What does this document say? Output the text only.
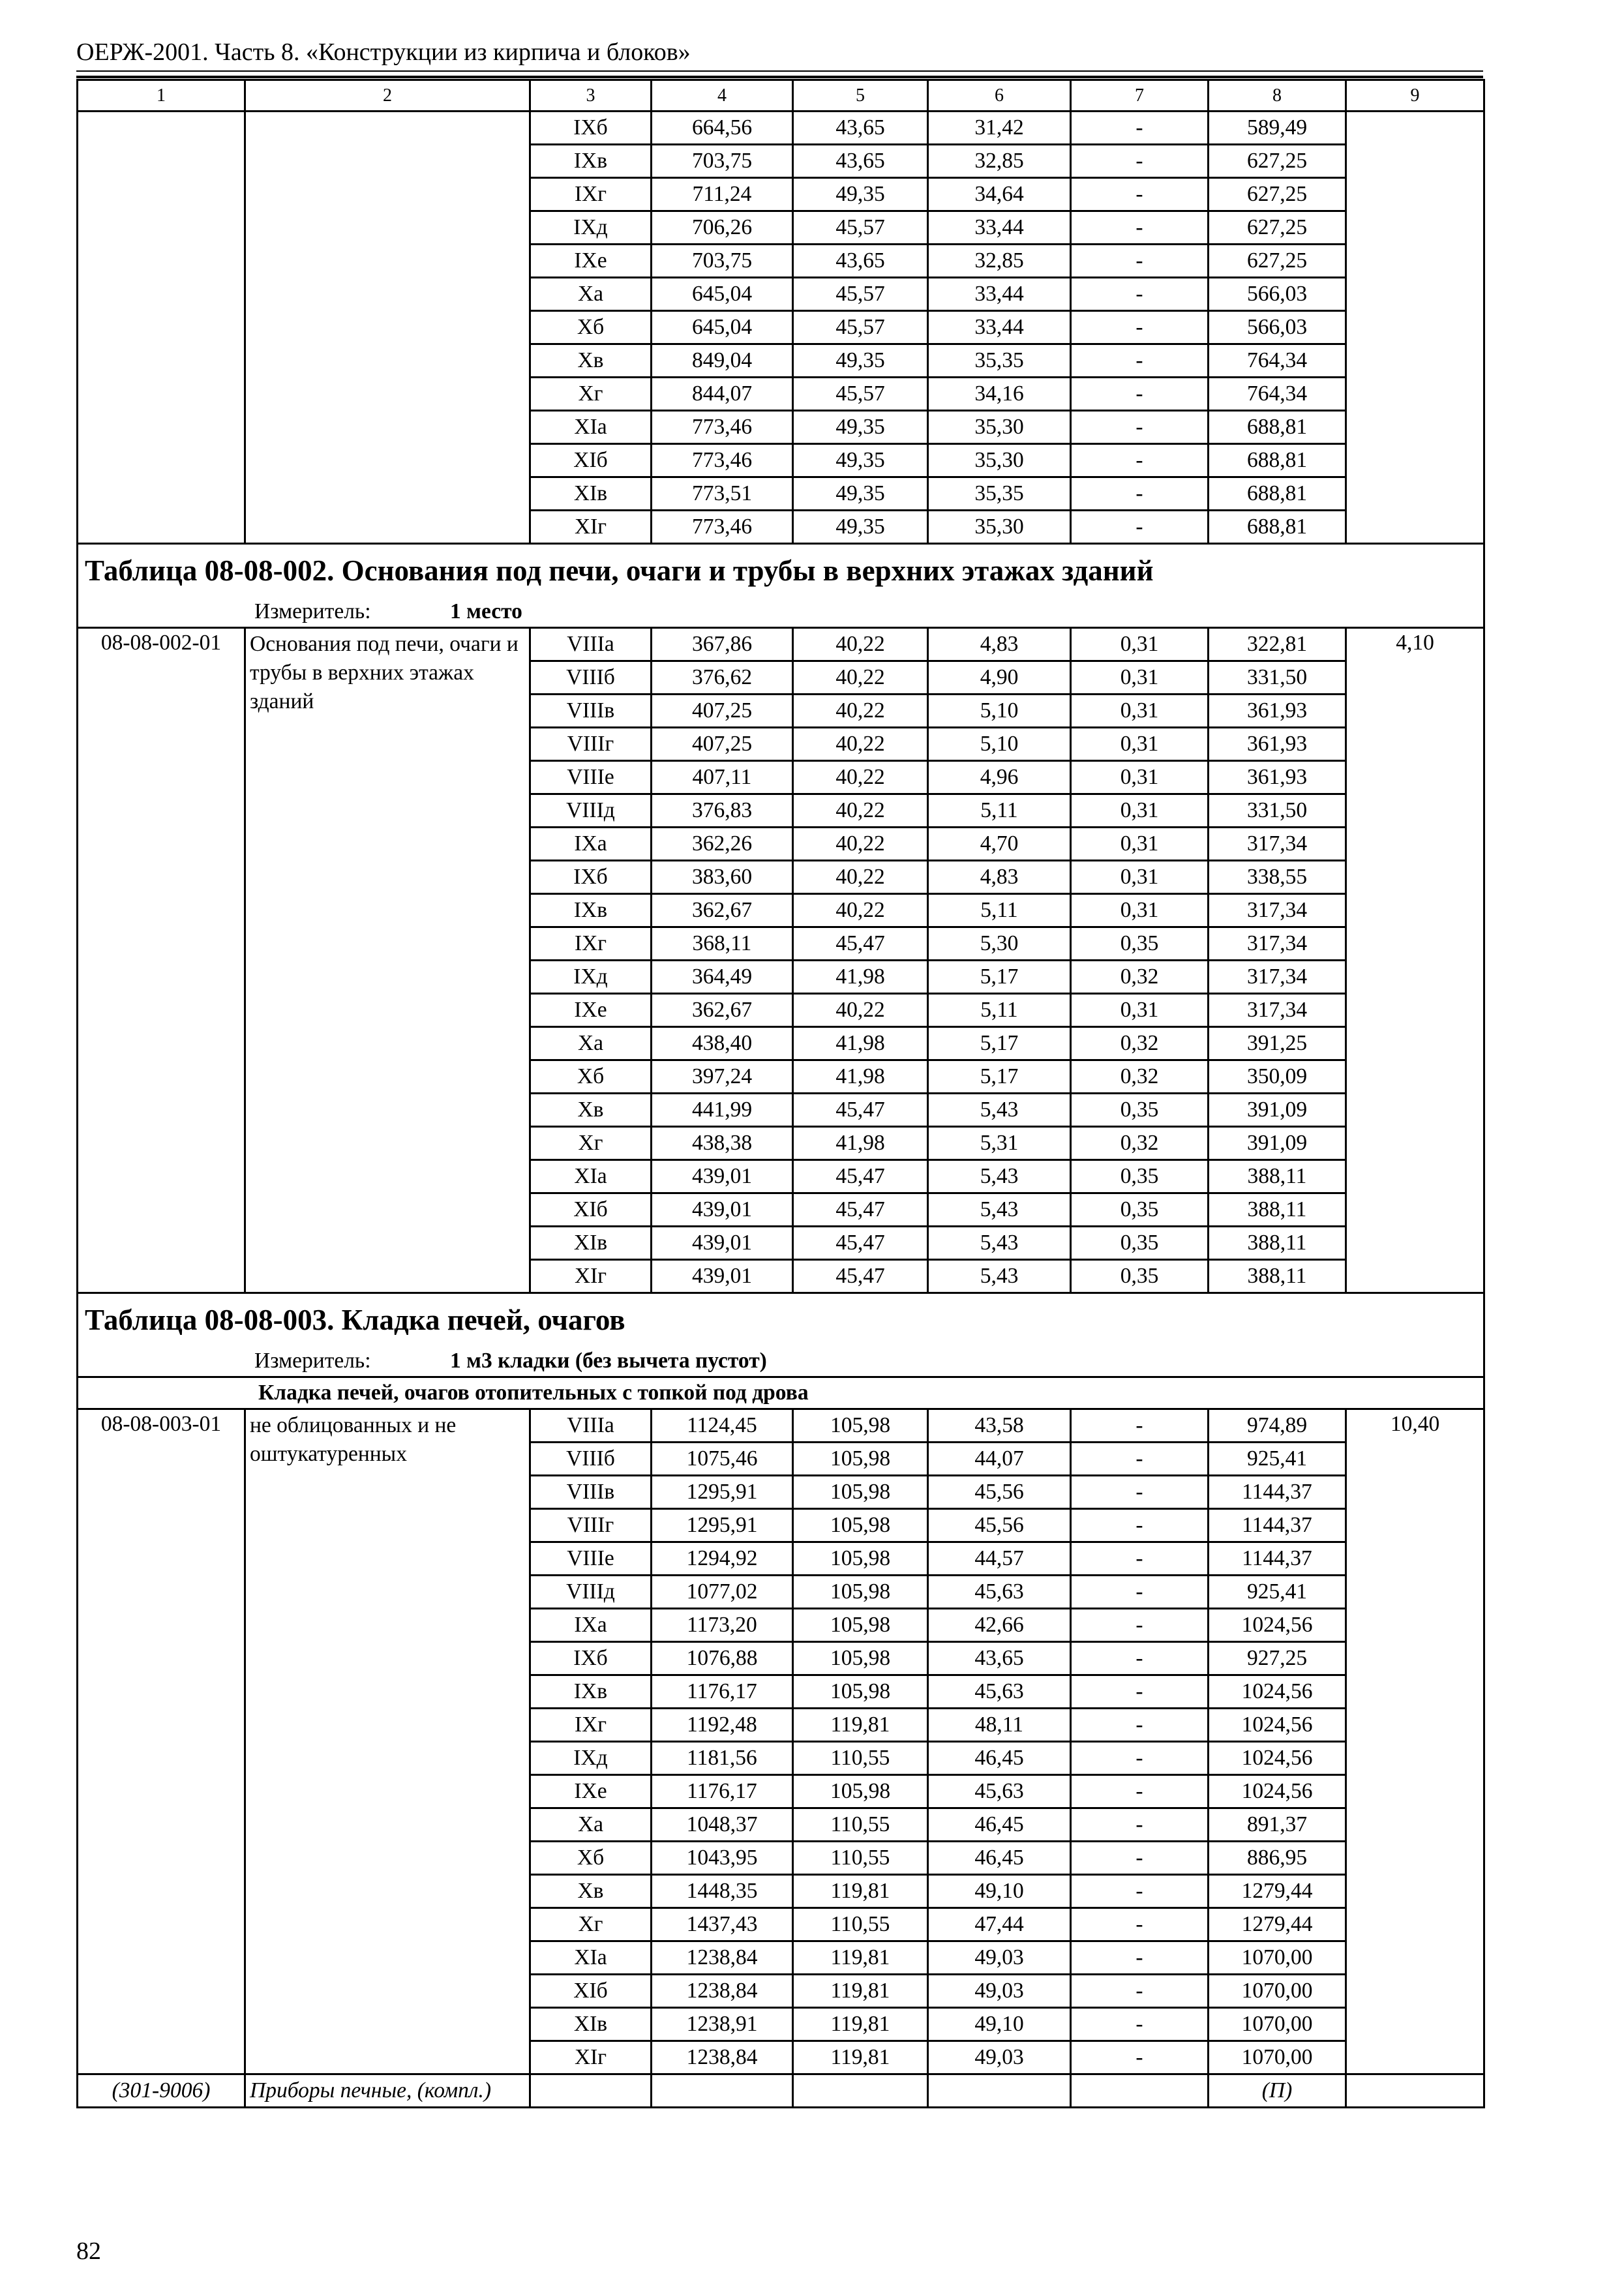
ОЕРЖ-2001. Часть 8. «Конструкции из кирпича и блоков»
1	2	3	4	5	6	7	8	9
		IXб	664,56	43,65	31,42	-	589,49	
		IXв	703,75	43,65	32,85	-	627,25	
		IXг	711,24	49,35	34,64	-	627,25	
		IXд	706,26	45,57	33,44	-	627,25	
		IXе	703,75	43,65	32,85	-	627,25	
		Xа	645,04	45,57	33,44	-	566,03	
		Xб	645,04	45,57	33,44	-	566,03	
		Xв	849,04	49,35	35,35	-	764,34	
		Xг	844,07	45,57	34,16	-	764,34	
		XIа	773,46	49,35	35,30	-	688,81	
		XIб	773,46	49,35	35,30	-	688,81	
		XIв	773,51	49,35	35,35	-	688,81	
		XIг	773,46	49,35	35,30	-	688,81	
Таблица 08-08-002. Основания под печи, очаги и трубы в верхних этажах зданий								
Измеритель: 1 место								
08-08-002-01	Основания под печи, очаги и трубы в верхних этажах зданий	VIIIа	367,86	40,22	4,83	0,31	322,81	4,10
		VIIIб	376,62	40,22	4,90	0,31	331,50	
		VIIIв	407,25	40,22	5,10	0,31	361,93	
		VIIIг	407,25	40,22	5,10	0,31	361,93	
		VIIIе	407,11	40,22	4,96	0,31	361,93	
		VIIIд	376,83	40,22	5,11	0,31	331,50	
		IXа	362,26	40,22	4,70	0,31	317,34	
		IXб	383,60	40,22	4,83	0,31	338,55	
		IXв	362,67	40,22	5,11	0,31	317,34	
		IXг	368,11	45,47	5,30	0,35	317,34	
		IXд	364,49	41,98	5,17	0,32	317,34	
		IXе	362,67	40,22	5,11	0,31	317,34	
		Xа	438,40	41,98	5,17	0,32	391,25	
		Xб	397,24	41,98	5,17	0,32	350,09	
		Xв	441,99	45,47	5,43	0,35	391,09	
		Xг	438,38	41,98	5,31	0,32	391,09	
		XIа	439,01	45,47	5,43	0,35	388,11	
		XIб	439,01	45,47	5,43	0,35	388,11	
		XIв	439,01	45,47	5,43	0,35	388,11	
		XIг	439,01	45,47	5,43	0,35	388,11	
Таблица 08-08-003. Кладка печей, очагов								
Измеритель: 1 м3 кладки (без вычета пустот)								
Кладка печей, очагов отопительных с топкой под дрова								
08-08-003-01	не облицованных и не оштукатуренных	VIIIа	1124,45	105,98	43,58	-	974,89	10,40
		VIIIб	1075,46	105,98	44,07	-	925,41	
		VIIIв	1295,91	105,98	45,56	-	1144,37	
		VIIIг	1295,91	105,98	45,56	-	1144,37	
		VIIIе	1294,92	105,98	44,57	-	1144,37	
		VIIIд	1077,02	105,98	45,63	-	925,41	
		IXа	1173,20	105,98	42,66	-	1024,56	
		IXб	1076,88	105,98	43,65	-	927,25	
		IXв	1176,17	105,98	45,63	-	1024,56	
		IXг	1192,48	119,81	48,11	-	1024,56	
		IXд	1181,56	110,55	46,45	-	1024,56	
		IXе	1176,17	105,98	45,63	-	1024,56	
		Xа	1048,37	110,55	46,45	-	891,37	
		Xб	1043,95	110,55	46,45	-	886,95	
		Xв	1448,35	119,81	49,10	-	1279,44	
		Xг	1437,43	110,55	47,44	-	1279,44	
		XIа	1238,84	119,81	49,03	-	1070,00	
		XIб	1238,84	119,81	49,03	-	1070,00	
		XIв	1238,91	119,81	49,10	-	1070,00	
		XIг	1238,84	119,81	49,03	-	1070,00	
(301-9006)	Приборы печные, (компл.)						(П)	
82
